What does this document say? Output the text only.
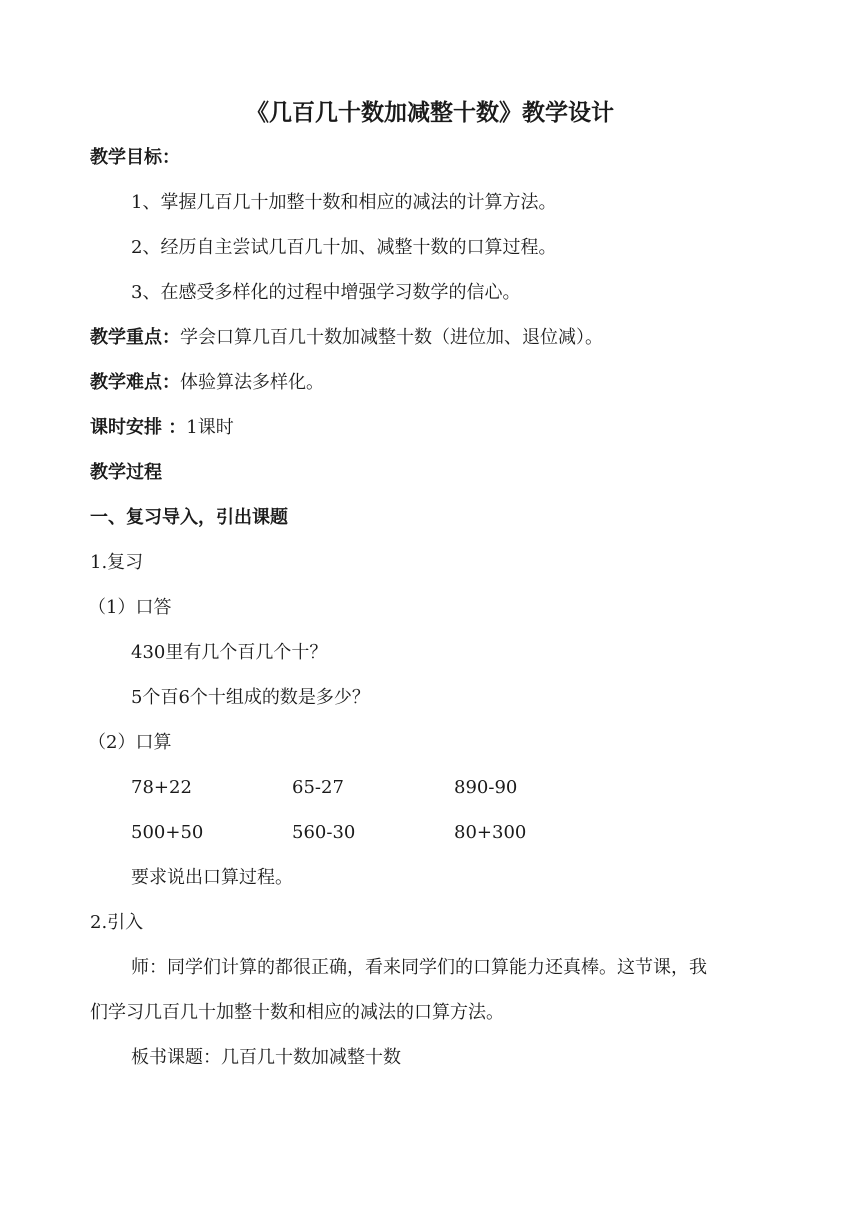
《几百几十数加减整十数》教学设计
教学目标：
1、掌握几百几十加整十数和相应的减法的计算方法。
2、经历自主尝试几百几十加、减整十数的口算过程。
3、在感受多样化的过程中增强学习数学的信心。
教学重点：学会口算几百几十数加减整十数（进位加、退位减）。
教学难点：体验算法多样化。
课时安排 ：1课时
教学过程
一、复习导入，引出课题
1.复习
（1）口答
430里有几个百几个十？
5个百6个十组成的数是多少？
（2）口算
78+22	65-27	890-90
500+50	560-30	80+300
要求说出口算过程。
2.引入
师：同学们计算的都很正确，看来同学们的口算能力还真棒。这节课，我
们学习几百几十加整十数和相应的减法的口算方法。
板书课题：几百几十数加减整十数
